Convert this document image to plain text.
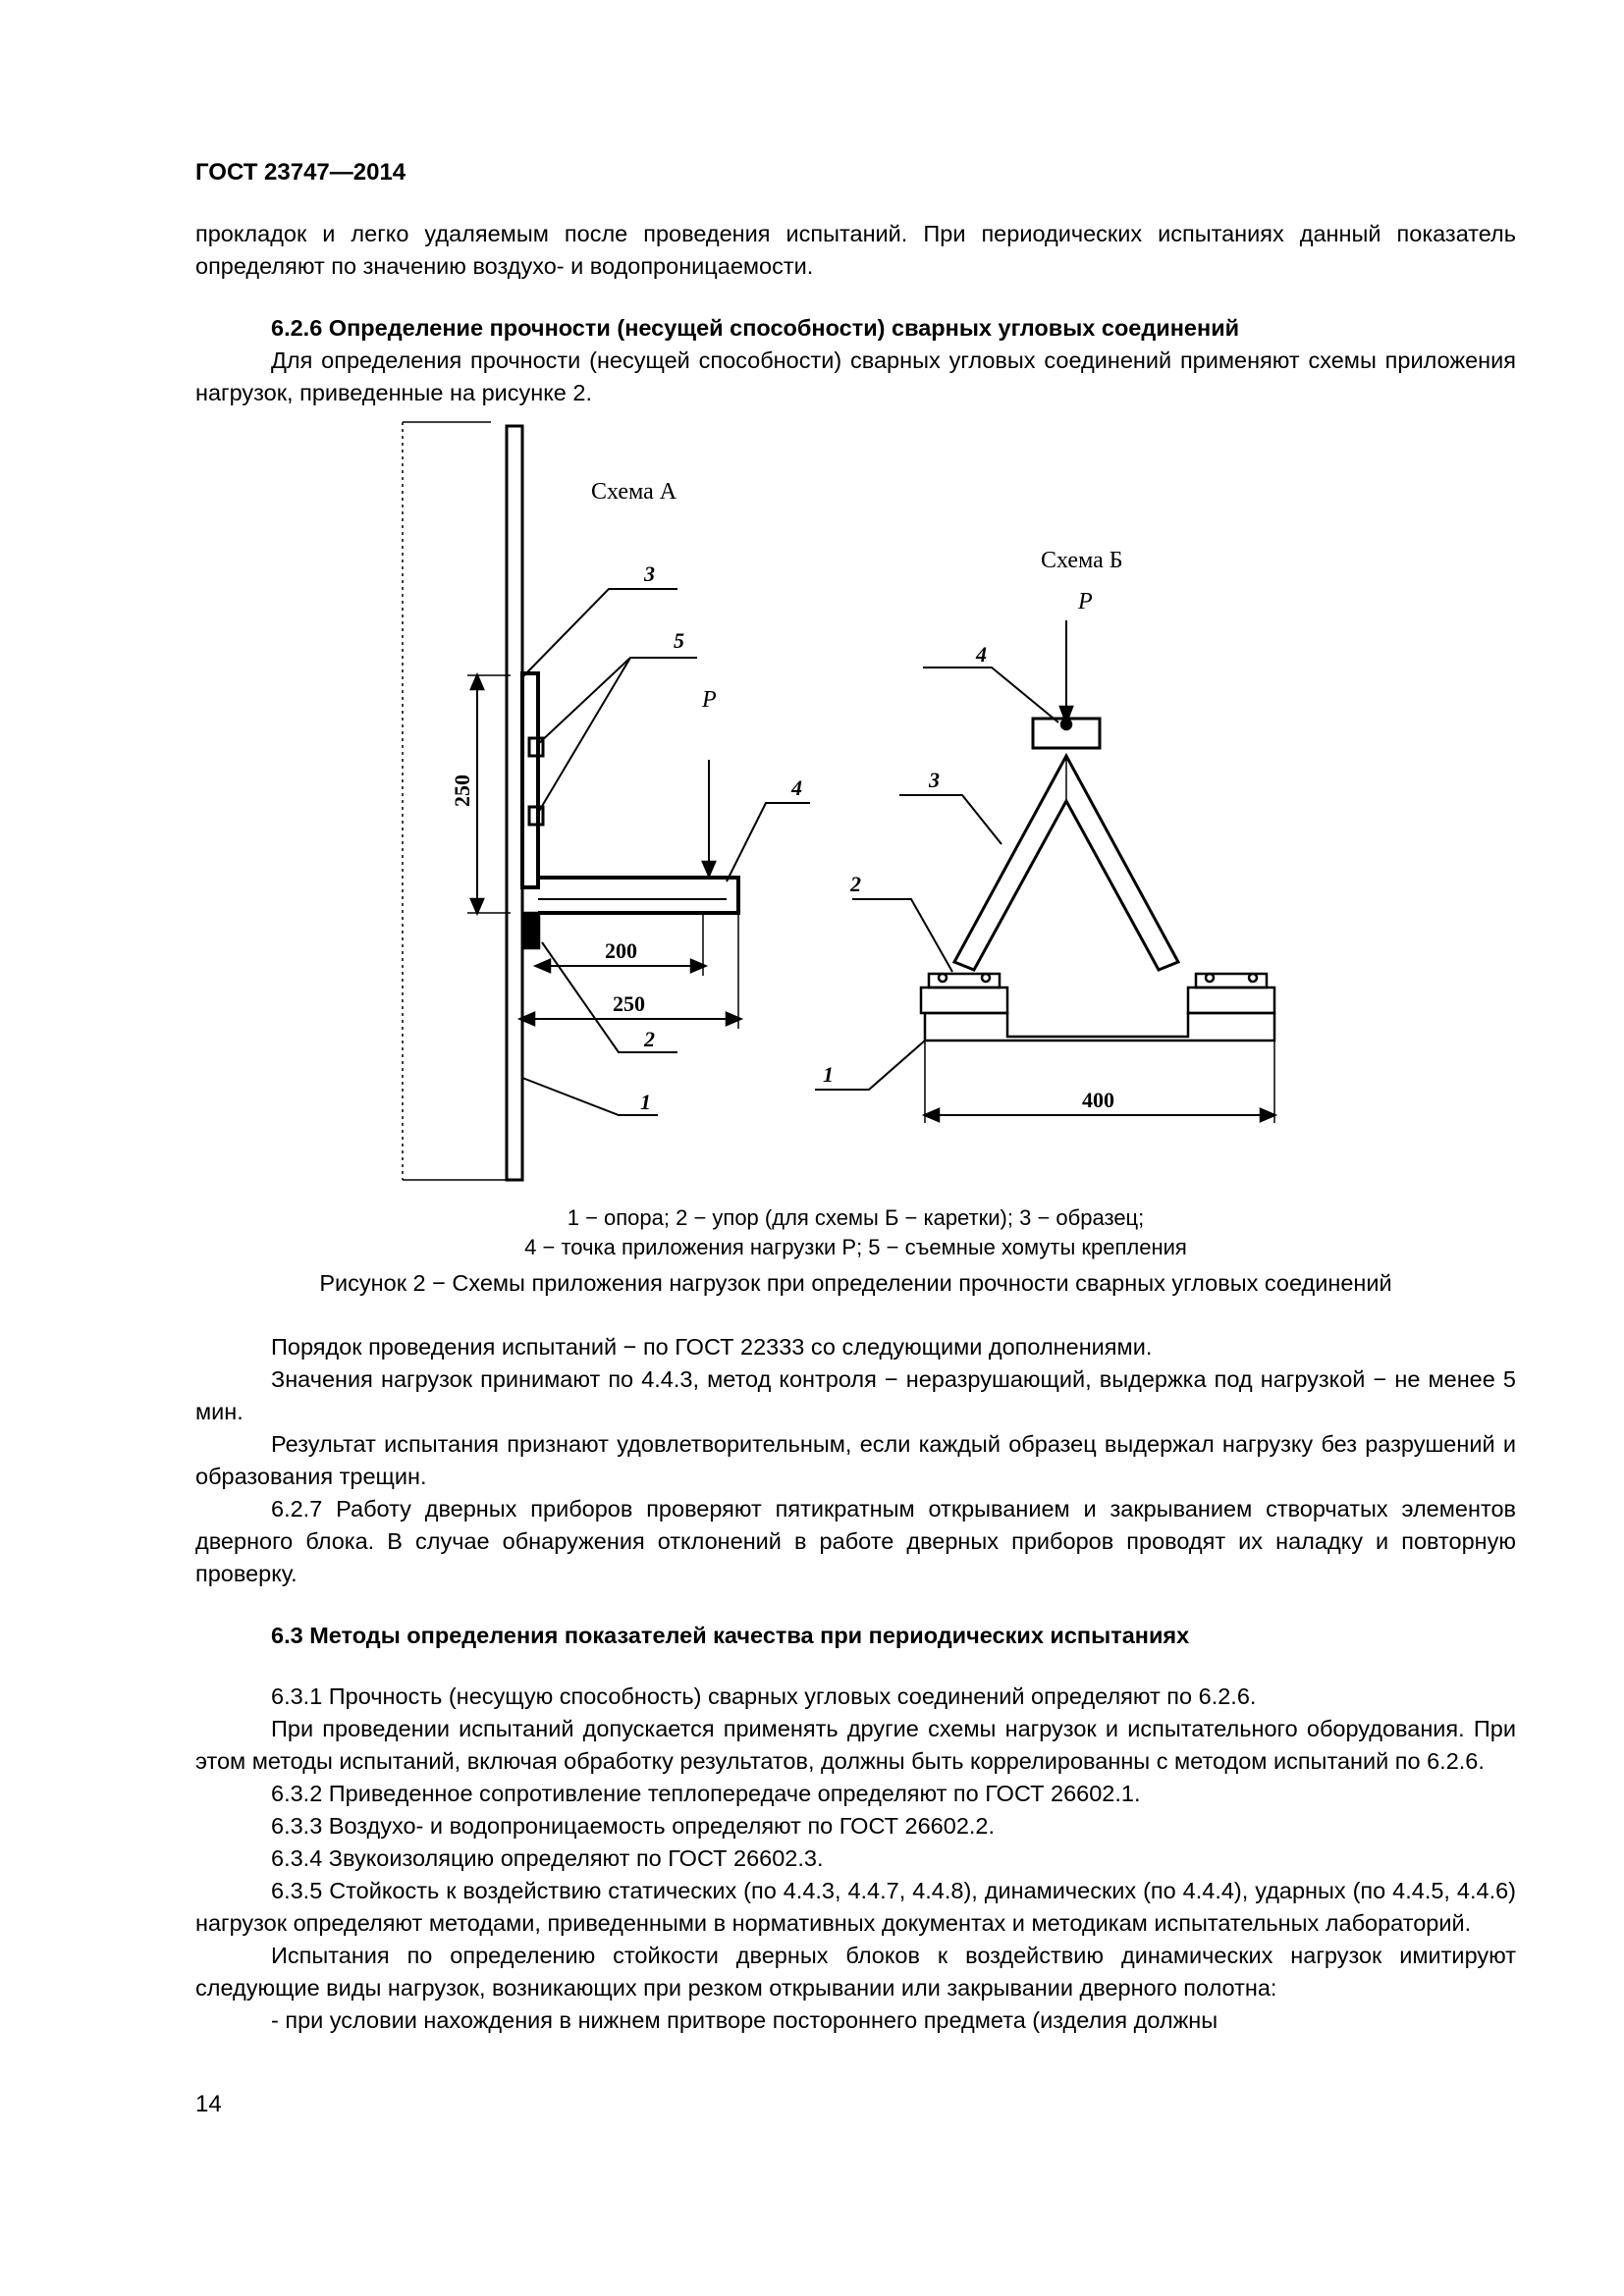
ГОСТ 23747—2014

прокладок и легко удаляемым после проведения испытаний. При периодических испытаниях данный показатель определяют по значению воздухо- и водопроницаемости.

6.2.6 Определение прочности (несущей способности) сварных угловых соединений

Для определения прочности (несущей способности) сварных угловых соединений применяют схемы приложения нагрузок, приведенные на рисунке 2.

Схема А
Схема Б
P
P
3
5
4
2
1
4
3
2
1
250
200
250
400
1 − опора; 2 − упор (для схемы Б − каретки); 3 − образец;
4 − точка приложения нагрузки P; 5 − съемные хомуты крепления
Рисунок 2 − Схемы приложения нагрузок при определении прочности сварных угловых соединений

Порядок проведения испытаний − по ГОСТ 22333 со следующими дополнениями.

Значения нагрузок принимают по 4.4.3, метод контроля − неразрушающий, выдержка под нагрузкой − не менее 5 мин.

Результат испытания признают удовлетворительным, если каждый образец выдержал нагрузку без разрушений и образования трещин.

6.2.7 Работу дверных приборов проверяют пятикратным открыванием и закрыванием створчатых элементов дверного блока. В случае обнаружения отклонений в работе дверных приборов проводят их наладку и повторную проверку.

6.3 Методы определения показателей качества при периодических испытаниях

6.3.1 Прочность (несущую способность) сварных угловых соединений определяют по 6.2.6.

При проведении испытаний допускается применять другие схемы нагрузок и испытательного оборудования. При этом методы испытаний, включая обработку результатов, должны быть коррелированны с методом испытаний по 6.2.6.

6.3.2 Приведенное сопротивление теплопередаче определяют по ГОСТ 26602.1.

6.3.3 Воздухо- и водопроницаемость определяют по ГОСТ 26602.2.

6.3.4 Звукоизоляцию определяют по ГОСТ 26602.3.

6.3.5 Стойкость к воздействию статических (по 4.4.3, 4.4.7, 4.4.8), динамических (по 4.4.4), ударных (по 4.4.5, 4.4.6) нагрузок определяют методами, приведенными в нормативных документах и методикам испытательных лабораторий.

Испытания по определению стойкости дверных блоков к воздействию динамических нагрузок имитируют следующие виды нагрузок, возникающих при резком открывании или закрывании дверного полотна:

- при условии нахождения в нижнем притворе постороннего предмета (изделия должны

14
